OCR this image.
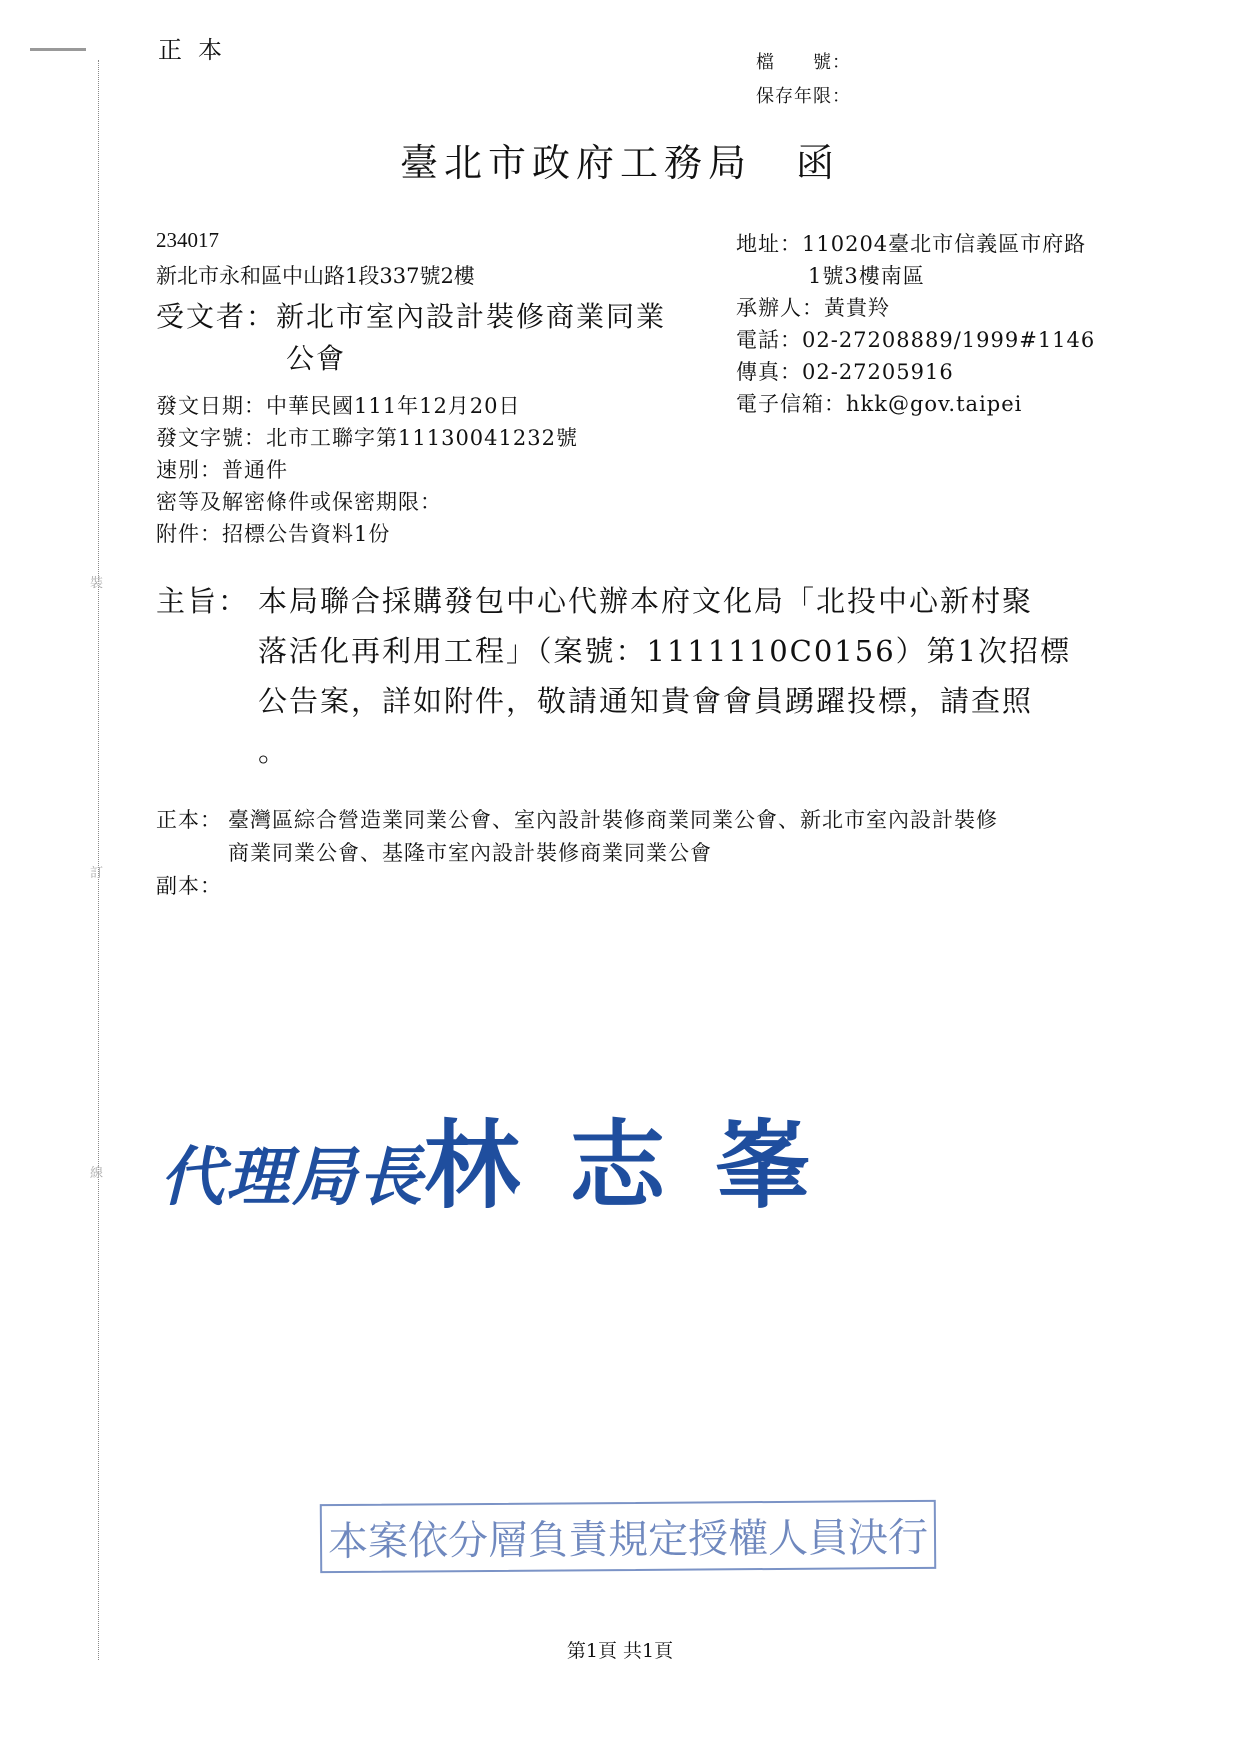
裝
訂
線
正本	檔　　號：
保存年限：
臺北市政府工務局　函
234017
新北市永和區中山路1段337號2樓
受文者：新北市室內設計裝修商業同業
公會
地址：110204臺北市信義區市府路
1號3樓南區
承辦人：黃貴羚
電話：02-27208889/1999#1146
傳真：02-27205916
電子信箱：hkk@gov.taipei
發文日期：中華民國111年12月20日
發文字號：北市工聯字第11130041232號
速別：普通件
密等及解密條件或保密期限：
附件：招標公告資料1份
主旨： 本局聯合採購發包中心代辦本府文化局「北投中心新村聚
落活化再利用工程」（案號：1111110C0156）第1次招標
公告案，詳如附件，敬請通知貴會會員踴躍投標，請查照
。
正本： 臺灣區綜合營造業同業公會、室內設計裝修商業同業公會、新北市室內設計裝修
商業同業公會、基隆市室內設計裝修商業同業公會
副本：
代理局長林 志 峯
本案依分層負責規定授權人員決行
第1頁 共1頁
